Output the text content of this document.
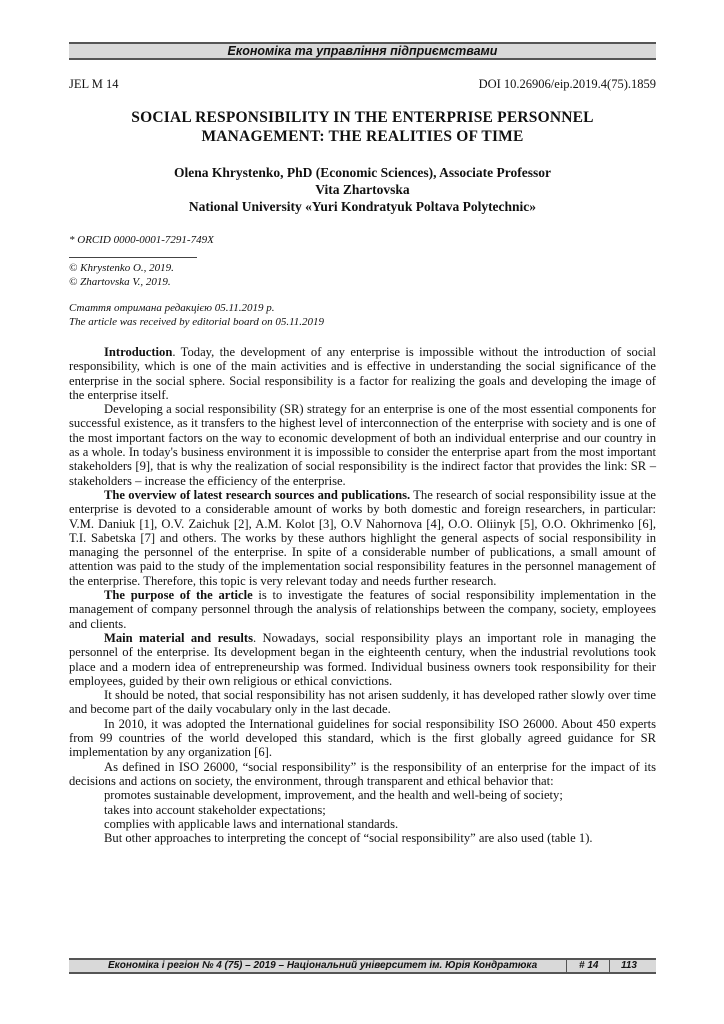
Економіка та управління підприємствами
JEL M 14	DOI 10.26906/eip.2019.4(75).1859
SOCIAL RESPONSIBILITY IN THE ENTERPRISE PERSONNEL
MANAGEMENT: THE REALITIES OF TIME
Olena Khrystenko, PhD (Economic Sciences), Associate Professor
Vita Zhartovska
National University «Yuri Kondratyuk Poltava Polytechnic»
* ORCID 0000-0001-7291-749X
© Khrystenko O., 2019.
© Zhartovska V., 2019.
Стаття отримана редакцією 05.11.2019 р.
The article was received by editorial board on 05.11.2019

Introduction. Today, the development of any enterprise is impossible without the introduction of social responsibility, which is one of the main activities and is effective in understanding the social significance of the enterprise in the social sphere. Social responsibility is a factor for realizing the goals and developing the image of the enterprise itself.

Developing a social responsibility (SR) strategy for an enterprise is one of the most essential components for successful existence, as it transfers to the highest level of interconnection of the enterprise with society and is one of the most important factors on the way to economic development of both an individual enterprise and our country in as a whole. In today's business environment it is impossible to consider the enterprise apart from the most important stakeholders [9], that is why the realization of social responsibility is the indirect factor that provides the link: SR – stakeholders – increase the efficiency of the enterprise.

The overview of latest research sources and publications. The research of social responsibility issue at the enterprise is devoted to a considerable amount of works by both domestic and foreign researchers, in particular: V.M. Daniuk [1], O.V. Zaichuk [2], A.M. Kolot [3], O.V Nahornova [4], O.O. Oliinyk [5], O.O. Okhrimenko [6], T.I. Sabetska [7] and others. The works by these authors highlight the general aspects of social responsibility in managing the personnel of the enterprise. In spite of a considerable number of publications, a small amount of attention was paid to the study of the implementation social responsibility features in the personnel management of the enterprise. Therefore, this topic is very relevant today and needs further research.

The purpose of the article is to investigate the features of social responsibility implementation in the management of company personnel through the analysis of relationships between the company, society, employees and clients.

Main material and results. Nowadays, social responsibility plays an important role in managing the personnel of the enterprise. Its development began in the eighteenth century, when the industrial revolutions took place and a modern idea of entrepreneurship was formed. Individual business owners took responsibility for their employees, guided by their own religious or ethical convictions.

It should be noted, that social responsibility has not arisen suddenly, it has developed rather slowly over time and become part of the daily vocabulary only in the last decade.

In 2010, it was adopted the International guidelines for social responsibility ISO 26000. About 450 experts from 99 countries of the world developed this standard, which is the first globally agreed guidance for SR implementation by any organization [6].

As defined in ISO 26000, “social responsibility” is the responsibility of an enterprise for the impact of its decisions and actions on society, the environment, through transparent and ethical behavior that:

promotes sustainable development, improvement, and the health and well-being of society;

takes into account stakeholder expectations;

complies with applicable laws and international standards.

But other approaches to interpreting the concept of “social responsibility” are also used (table 1).

Економіка і регіон № 4 (75) – 2019 – Національний університет ім. Юрія Кондратюка	# 14 113
